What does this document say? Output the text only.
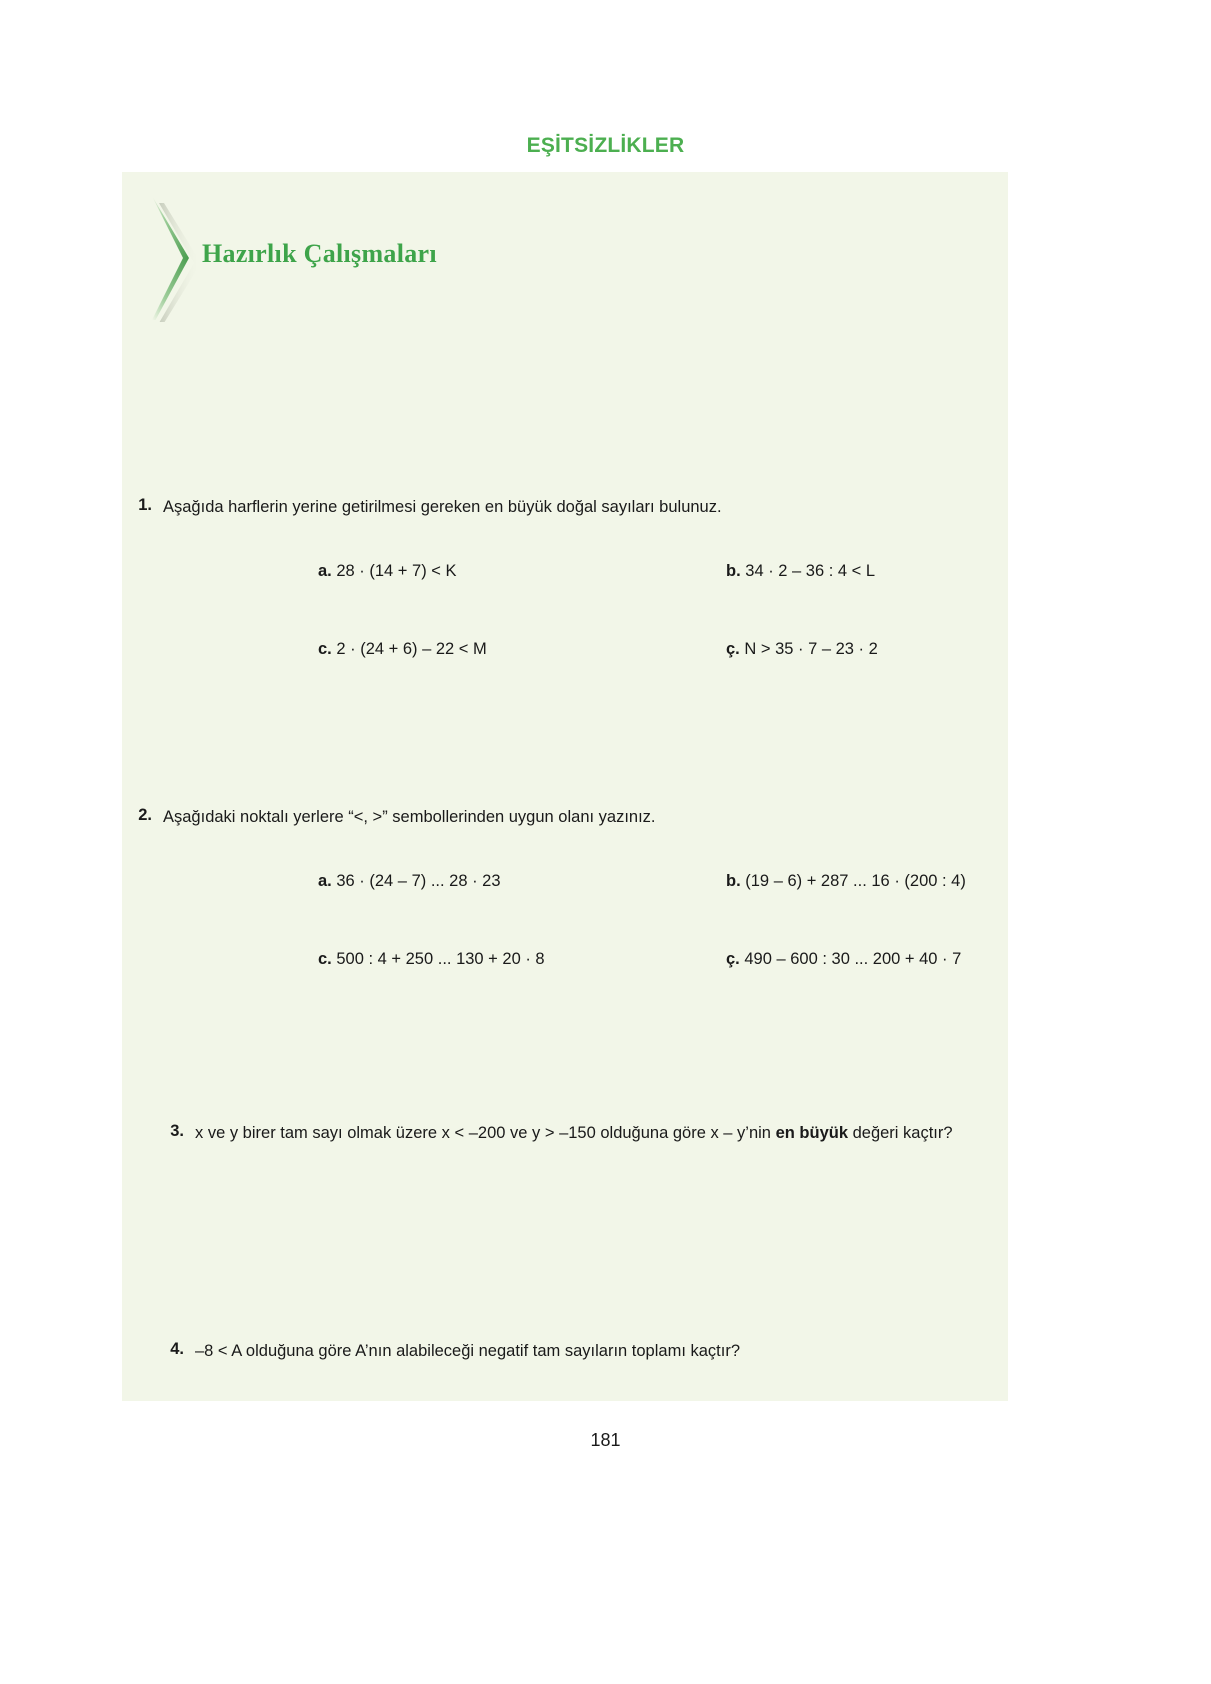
EŞİTSİZLİKLER
Hazırlık Çalışmaları
1. Aşağıda harflerin yerine getirilmesi gereken en büyük doğal sayıları bulunuz.
a. 28 · (14 + 7) < K	b. 34 · 2 – 36 : 4 < L
c. 2 · (24 + 6) – 22 < M	ç. N > 35 · 7 – 23 · 2
2. Aşağıdaki noktalı yerlere “<, >” sembollerinden uygun olanı yazınız.
a. 36 · (24 – 7) ... 28 · 23	b. (19 – 6) + 287 ... 16 · (200 : 4)
c. 500 : 4 + 250 ... 130 + 20 · 8	ç. 490 – 600 : 30 ... 200 + 40 · 7
3. x ve y birer tam sayı olmak üzere x < –200 ve y > –150 olduğuna göre x – y’nin en büyük değeri kaçtır?
4. –8 < A olduğuna göre A’nın alabileceği negatif tam sayıların toplamı kaçtır?
181
